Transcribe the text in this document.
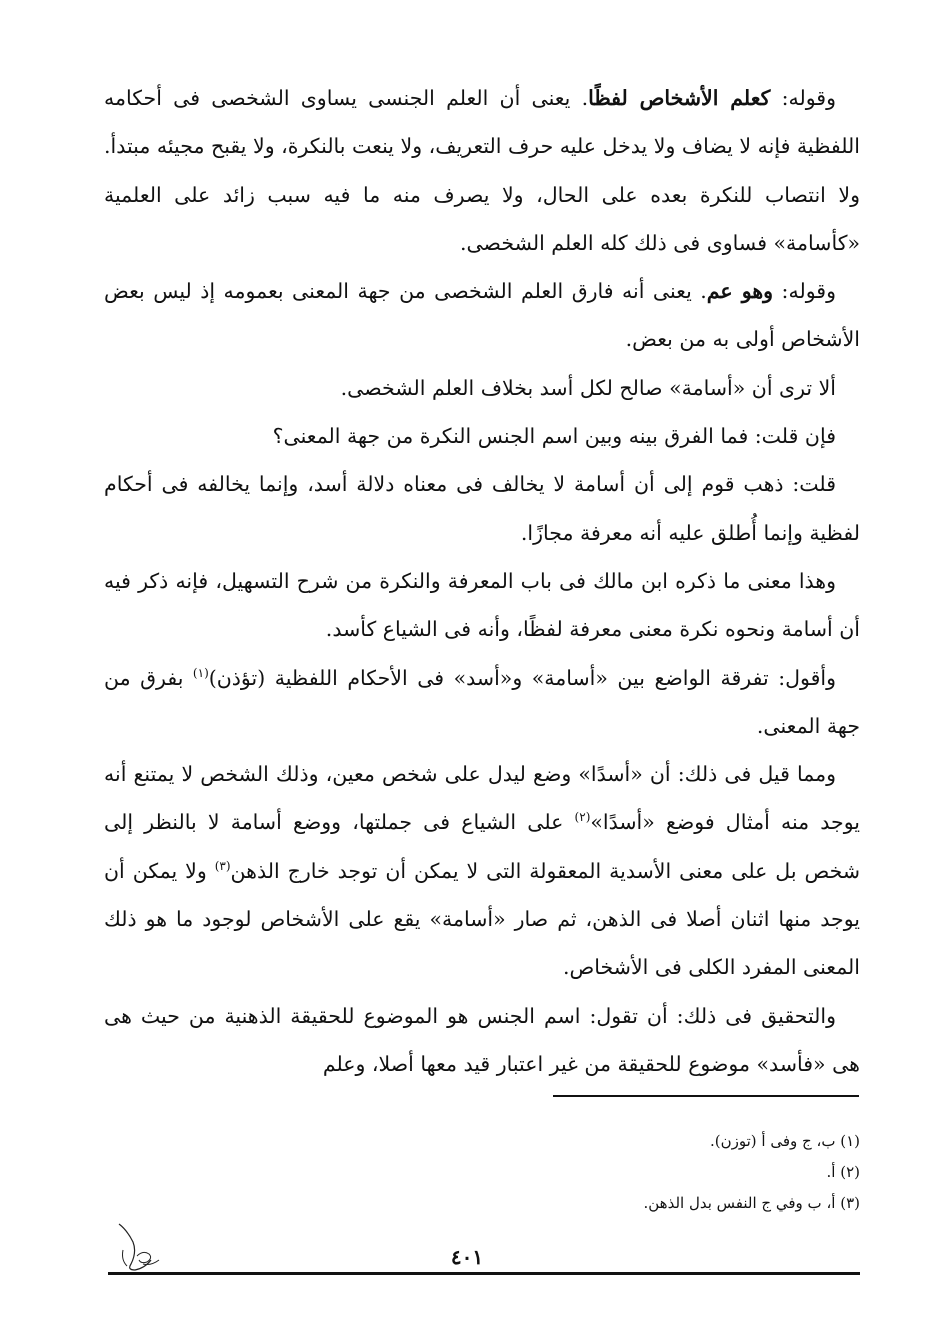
وقوله: كعلم الأشخاص لفظًا. يعنى أن العلم الجنسى يساوى الشخصى فى أحكامه اللفظية فإنه لا يضاف ولا يدخل عليه حرف التعريف، ولا ينعت بالنكرة، ولا يقبح مجيئه مبتدأ. ولا انتصاب للنكرة بعده على الحال، ولا يصرف منه ما فيه سبب زائد على العلمية «كأسامة» فساوى فى ذلك كله العلم الشخصى.

وقوله: وهو عم. يعنى أنه فارق العلم الشخصى من جهة المعنى بعمومه إذ ليس بعض الأشخاص أولى به من بعض.

ألا ترى أن «أسامة» صالح لكل أسد بخلاف العلم الشخصى.

فإن قلت: فما الفرق بينه وبين اسم الجنس النكرة من جهة المعنى؟

قلت: ذهب قوم إلى أن أسامة لا يخالف فى معناه دلالة أسد، وإنما يخالفه فى أحكام لفظية وإنما أُطلق عليه أنه معرفة مجازًا.

وهذا معنى ما ذكره ابن مالك فى باب المعرفة والنكرة من شرح التسهيل، فإنه ذكر فيه أن أسامة ونحوه نكرة معنى معرفة لفظًا، وأنه فى الشياع كأسد.

وأقول: تفرقة الواضع بين «أسامة» و«أسد» فى الأحكام اللفظية (تؤذن)$^{(١)}$ بفرق من جهة المعنى.

ومما قيل فى ذلك: أن «أسدًا» وضع ليدل على شخص معين، وذلك الشخص لا يمتنع أنه يوجد منه أمثال فوضع «أسدًا»$^{(٢)}$ على الشياع فى جملتها، ووضع أسامة لا بالنظر إلى شخص بل على معنى الأسدية المعقولة التى لا يمكن أن توجد خارج الذهن$^{(٣)}$ ولا يمكن أن يوجد منها اثنان أصلا فى الذهن، ثم صار «أسامة» يقع على الأشخاص لوجود ما هو ذلك المعنى المفرد الكلى فى الأشخاص.

والتحقيق فى ذلك: أن تقول: اسم الجنس هو الموضوع للحقيقة الذهنية من حيث هى هى «فأسد» موضوع للحقيقة من غير اعتبار قيد معها أصلا، وعلم

(١) ب، ج وفى أ (توزن).

(٢) أ.

(٣) أ، ب وفي ج النفس بدل الذهن.

٤٠١
